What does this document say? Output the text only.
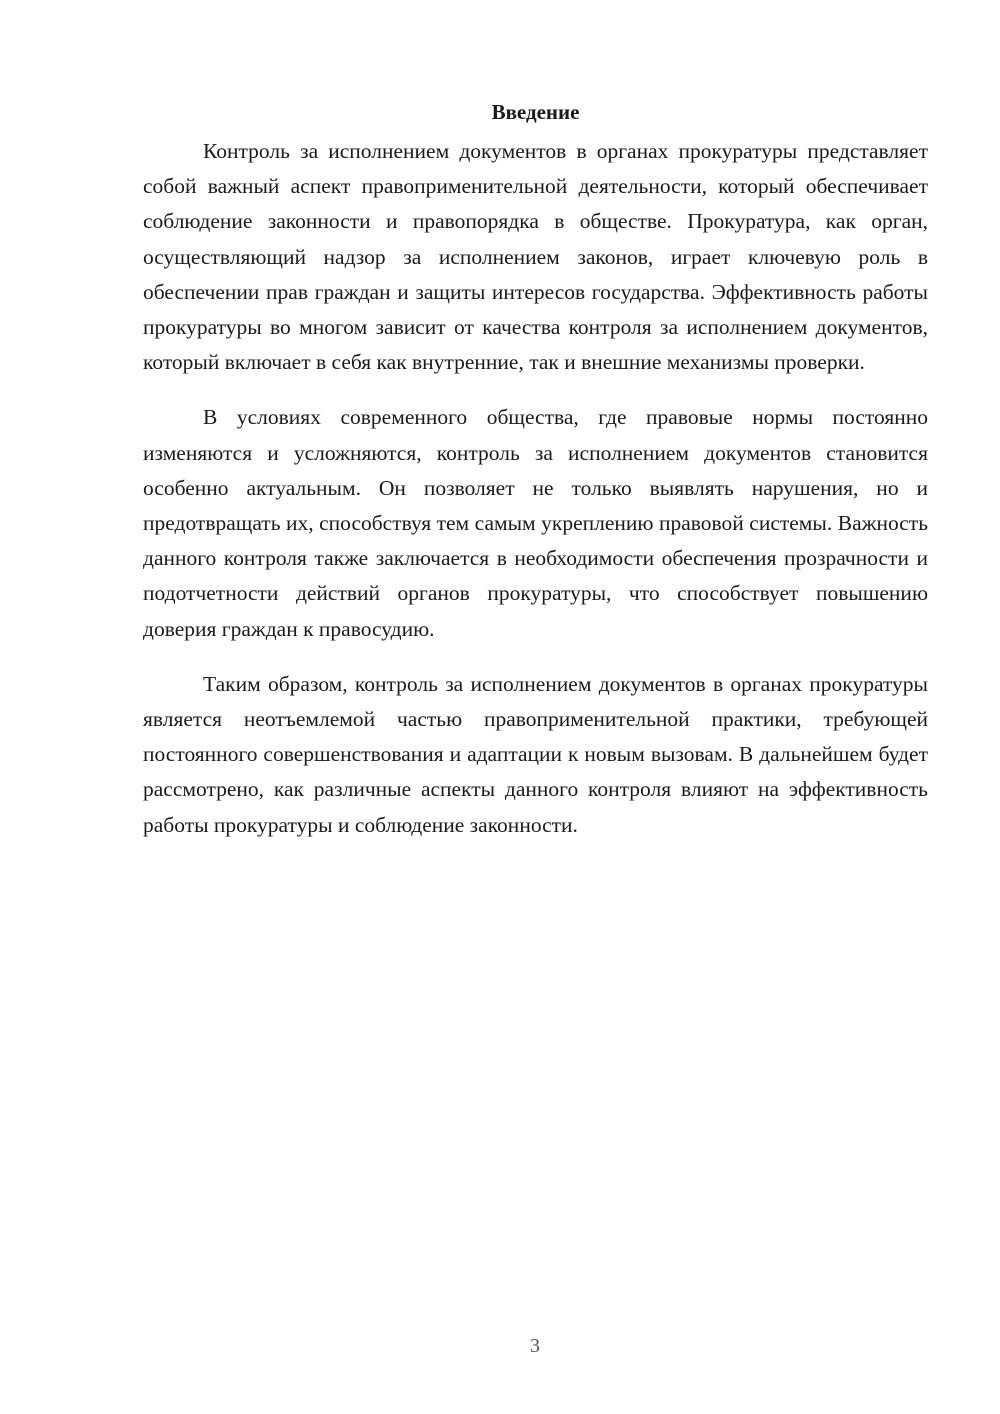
Введение

Контроль за исполнением документов в органах прокуратуры представляет собой важный аспект правоприменительной деятельности, который обеспечивает соблюдение законности и правопорядка в обществе. Прокуратура, как орган, осуществляющий надзор за исполнением законов, играет ключевую роль в обеспечении прав граждан и защиты интересов государства. Эффективность работы прокуратуры во многом зависит от качества контроля за исполнением документов, который включает в себя как внутренние, так и внешние механизмы проверки.

В условиях современного общества, где правовые нормы постоянно изменяются и усложняются, контроль за исполнением документов становится особенно актуальным. Он позволяет не только выявлять нарушения, но и предотвращать их, способствуя тем самым укреплению правовой системы. Важность данного контроля также заключается в необходимости обеспечения прозрачности и подотчетности действий органов прокуратуры, что способствует повышению доверия граждан к правосудию.

Таким образом, контроль за исполнением документов в органах прокуратуры является неотъемлемой частью правоприменительной практики, требующей постоянного совершенствования и адаптации к новым вызовам. В дальнейшем будет рассмотрено, как различные аспекты данного контроля влияют на эффективность работы прокуратуры и соблюдение законности.

3
